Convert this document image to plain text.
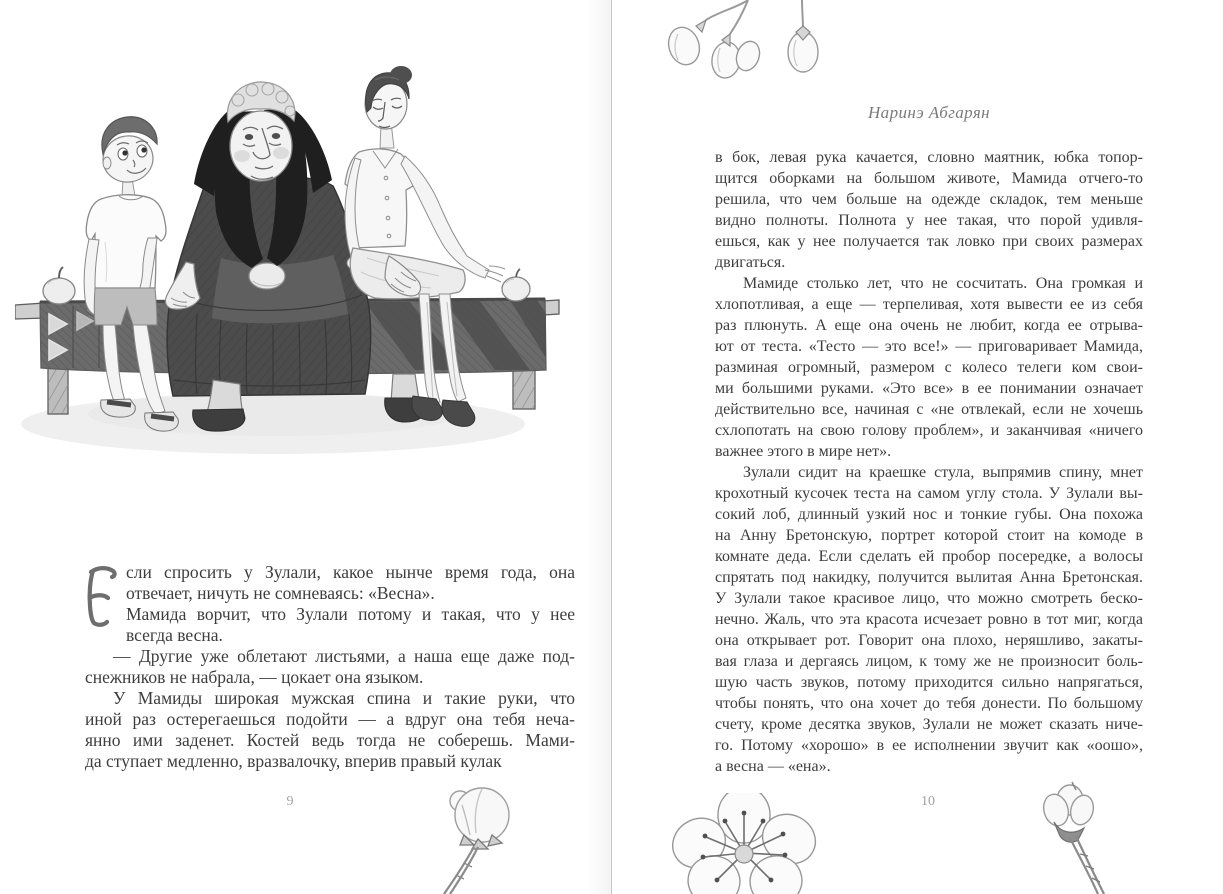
сли спросить у Зулали, какое нынче время года, она
отвечает, ничуть не сомневаясь: «Весна».
Мамида ворчит, что Зулали потому и такая, что у нее
всегда весна.
— Другие уже облетают листьями, а наша еще даже под-
снежников не набрала, — цокает она языком.
У Мамиды широкая мужская спина и такие руки, что
иной раз остерегаешься подойти — а вдруг она тебя неча-
янно ими заденет. Костей ведь тогда не соберешь. Мами-
да ступает медленно, вразвалочку, вперив правый кулак
9
Наринэ Абгарян
в бок, левая рука качается, словно маятник, юбка топор-
щится оборками на большом животе, Мамида отчего-то
решила, что чем больше на одежде складок, тем меньше
видно полноты. Полнота у нее такая, что порой удивля-
ешься, как у нее получается так ловко при своих размерах
двигаться.
Мамиде столько лет, что не сосчитать. Она громкая и
хлопотливая, а еще — терпеливая, хотя вывести ее из себя
раз плюнуть. А еще она очень не любит, когда ее отрыва-
ют от теста. «Тесто — это все!» — приговаривает Мамида,
разминая огромный, размером с колесо телеги ком свои-
ми большими руками. «Это все» в ее понимании означает
действительно все, начиная с «не отвлекай, если не хочешь
схлопотать на свою голову проблем», и заканчивая «ничего
важнее этого в мире нет».
Зулали сидит на краешке стула, выпрямив спину, мнет
крохотный кусочек теста на самом углу стола. У Зулали вы-
сокий лоб, длинный узкий нос и тонкие губы. Она похожа
на Анну Бретонскую, портрет которой стоит на комоде в
комнате деда. Если сделать ей пробор посередке, а волосы
спрятать под накидку, получится вылитая Анна Бретонская.
У Зулали такое красивое лицо, что можно смотреть беско-
нечно. Жаль, что эта красота исчезает ровно в тот миг, когда
она открывает рот. Говорит она плохо, неряшливо, закаты-
вая глаза и дергаясь лицом, к тому же не произносит боль-
шую часть звуков, потому приходится сильно напрягаться,
чтобы понять, что она хочет до тебя донести. По большому
счету, кроме десятка звуков, Зулали не может сказать ниче-
го. Потому «хорошо» в ее исполнении звучит как «оошо»,
а весна — «ена».
10
